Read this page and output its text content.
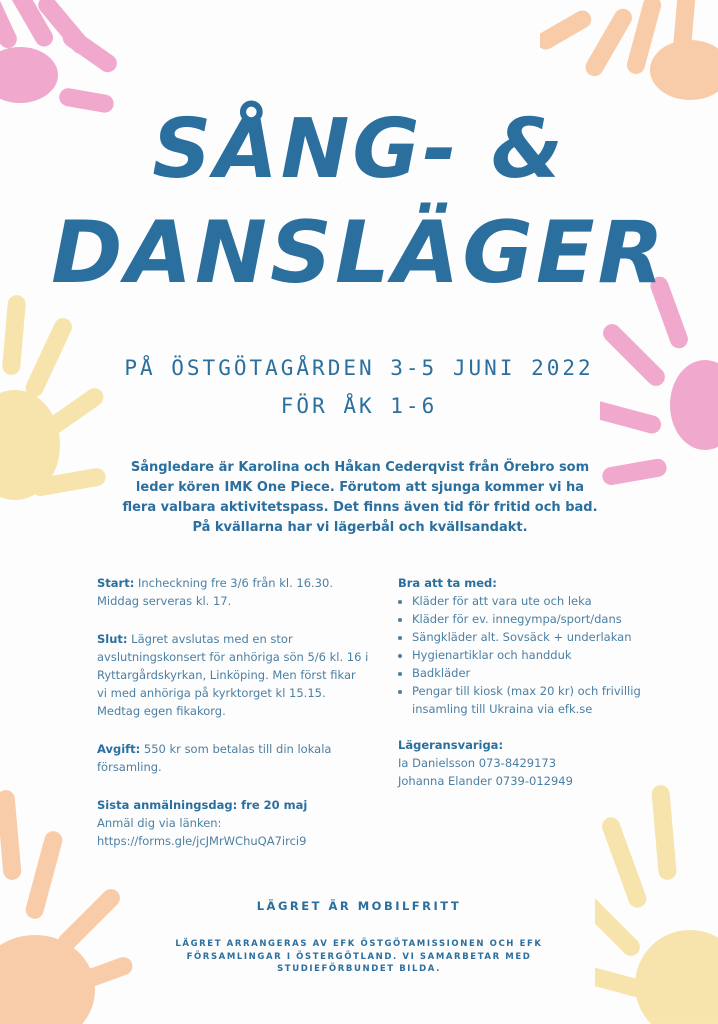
SÅNG- &
DANSLÄGER
PÅ ÖSTGÖTAGÅRDEN 3-5 JUNI 2022
FÖR ÅK 1-6
Sångledare är Karolina och Håkan Cederqvist från Örebro som
leder kören IMK One Piece. Förutom att sjunga kommer vi ha
flera valbara aktivitetspass. Det finns även tid för fritid och bad.
På kvällarna har vi lägerbål och kvällsandakt.
Start: Incheckning fre 3/6 från kl. 16.30. Middag serveras kl. 17.
Slut: Lägret avslutas med en stor avslutningskonsert för anhöriga sön 5/6 kl. 16 i Ryttargårdskyrkan, Linköping. Men först fikar vi med anhöriga på kyrktorget kl 15.15. Medtag egen fikakorg.
Avgift: 550 kr som betalas till din lokala församling.
Sista anmälningsdag: fre 20 maj
Anmäl dig via länken:
https://forms.gle/jcJMrWChuQA7irci9
Bra att ta med:
• Kläder för att vara ute och leka
• Kläder för ev. innegympa/sport/dans
• Sängkläder alt. Sovsäck + underlakan
• Hygienartiklar och handduk
• Badkläder
• Pengar till kiosk (max 20 kr) och frivillig insamling till Ukraina via efk.se
Lägeransvariga:
Ia Danielsson 073-8429173
Johanna Elander 0739-012949
LÄGRET ÄR MOBILFRITT
LÄGRET ARRANGERAS AV EFK ÖSTGÖTAMISSIONEN OCH EFK
FÖRSAMLINGAR I ÖSTERGÖTLAND. VI SAMARBETAR MED
STUDIEFÖRBUNDET BILDA.
